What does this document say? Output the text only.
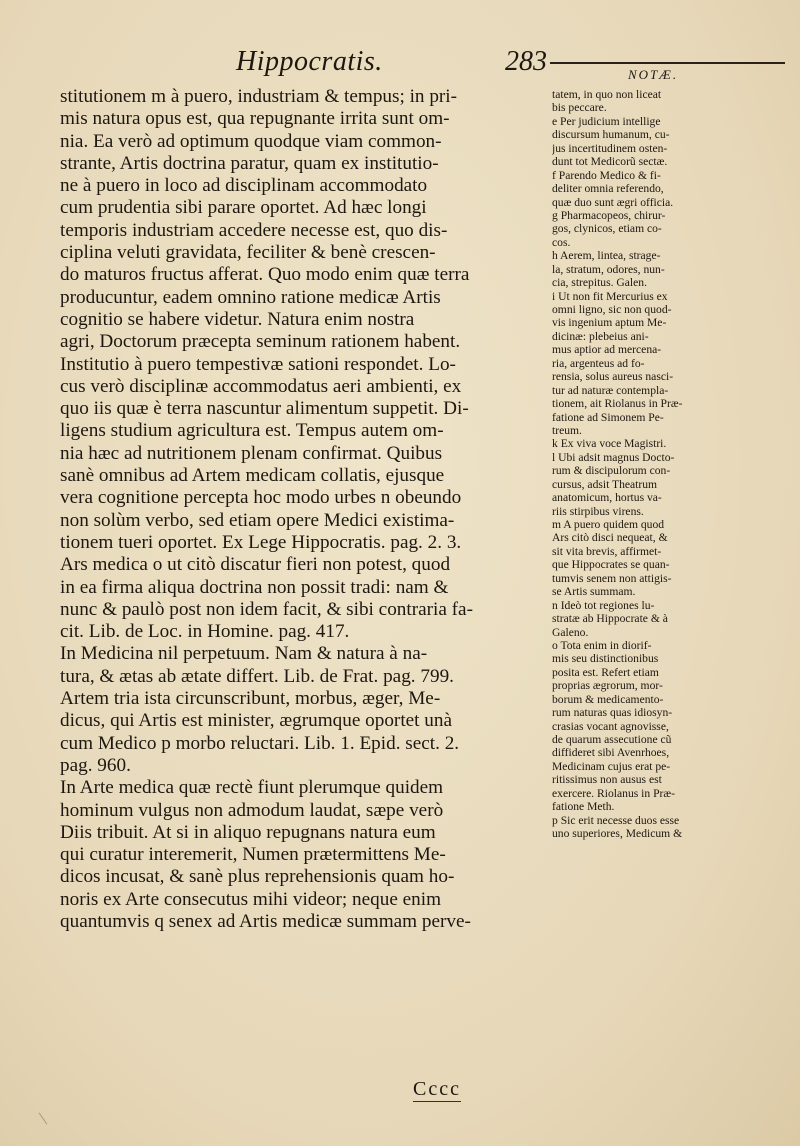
Hippocratis.	283	NOTÆ.
stitutionem m à puero, industriam & tempus; in pri-
mis natura opus est, qua repugnante irrita sunt om-
nia. Ea verò ad optimum quodque viam common-
strante, Artis doctrina paratur, quam ex institutio-
ne à puero in loco ad disciplinam accommodato
cum prudentia sibi parare oportet. Ad hæc longi
temporis industriam accedere necesse est, quo dis-
ciplina veluti gravidata, feciliter & benè crescen-
do maturos fructus afferat. Quo modo enim quæ terra
producuntur, eadem omnino ratione medicæ Artis
cognitio se habere videtur. Natura enim nostra
agri, Doctorum præcepta seminum rationem habent.
Institutio à puero tempestivæ sationi respondet. Lo-
cus verò disciplinæ accommodatus aeri ambienti, ex
quo iis quæ è terra nascuntur alimentum suppetit. Di-
ligens studium agricultura est. Tempus autem om-
nia hæc ad nutritionem plenam confirmat. Quibus
sanè omnibus ad Artem medicam collatis, ejusque
vera cognitione percepta hoc modo urbes n obeundo
non solùm verbo, sed etiam opere Medici existima-
tionem tueri oportet. Ex Lege Hippocratis. pag. 2. 3.
Ars medica o ut citò discatur fieri non potest, quod
in ea firma aliqua doctrina non possit tradi: nam &
nunc & paulò post non idem facit, & sibi contraria fa-
cit. Lib. de Loc. in Homine. pag. 417.
In Medicina nil perpetuum. Nam & natura à na-
tura, & ætas ab ætate differt. Lib. de Frat. pag. 799.
Artem tria ista circunscribunt, morbus, æger, Me-
dicus, qui Artis est minister, ægrumque oportet unà
cum Medico p morbo reluctari. Lib. 1. Epid. sect. 2.
pag. 960.
In Arte medica quæ rectè fiunt plerumque quidem
hominum vulgus non admodum laudat, sæpe verò
Diis tribuit. At si in aliquo repugnans natura eum
qui curatur interemerit, Numen prætermittens Me-
dicos incusat, & sanè plus reprehensionis quam ho-
noris ex Arte consecutus mihi videor; neque enim
quantumvis q senex ad Artis medicæ summam perve-
tatem, in quo non liceat
bis peccare.
e Per judicium intellige
discursum humanum, cu-
jus incertitudinem osten-
dunt tot Medicorũ sectæ.
f Parendo Medico & fi-
deliter omnia referendo,
quæ duo sunt ægri officia.
g Pharmacopeos, chirur-
gos, clynicos, etiam co-
cos.
h Aerem, lintea, strage-
la, stratum, odores, nun-
cia, strepitus. Galen.
i Ut non fit Mercurius ex
omni ligno, sic non quod-
vis ingenium aptum Me-
dicinæ: plebeius ani-
mus aptior ad mercena-
ria, argenteus ad fo-
rensia, solus aureus nasci-
tur ad naturæ contempla-
tionem, ait Riolanus in Præ-
fatione ad Simonem Pe-
treum.
k Ex viva voce Magistri.
l Ubi adsit magnus Docto-
rum & discipulorum con-
cursus, adsit Theatrum
anatomicum, hortus va-
riis stirpibus virens.
m A puero quidem quod
Ars citò disci nequeat, &
sit vita brevis, affirmet-
que Hippocrates se quan-
tumvis senem non attigis-
se Artis summam.
n Ideò tot regiones lu-
stratæ ab Hippocrate & à
Galeno.
o Tota enim in diorif-
mis seu distinctionibus
posita est. Refert etiam
proprias ægrorum, mor-
borum & medicamento-
rum naturas quas idiosyn-
crasias vocant agnovisse,
de quarum assecutione cũ
diffideret sibi Avenrhoes,
Medicinam cujus erat pe-
ritissimus non ausus est
exercere. Riolanus in Præ-
fatione Meth.
p Sic erit necesse duos esse
uno superiores, Medicum &
Cccc
